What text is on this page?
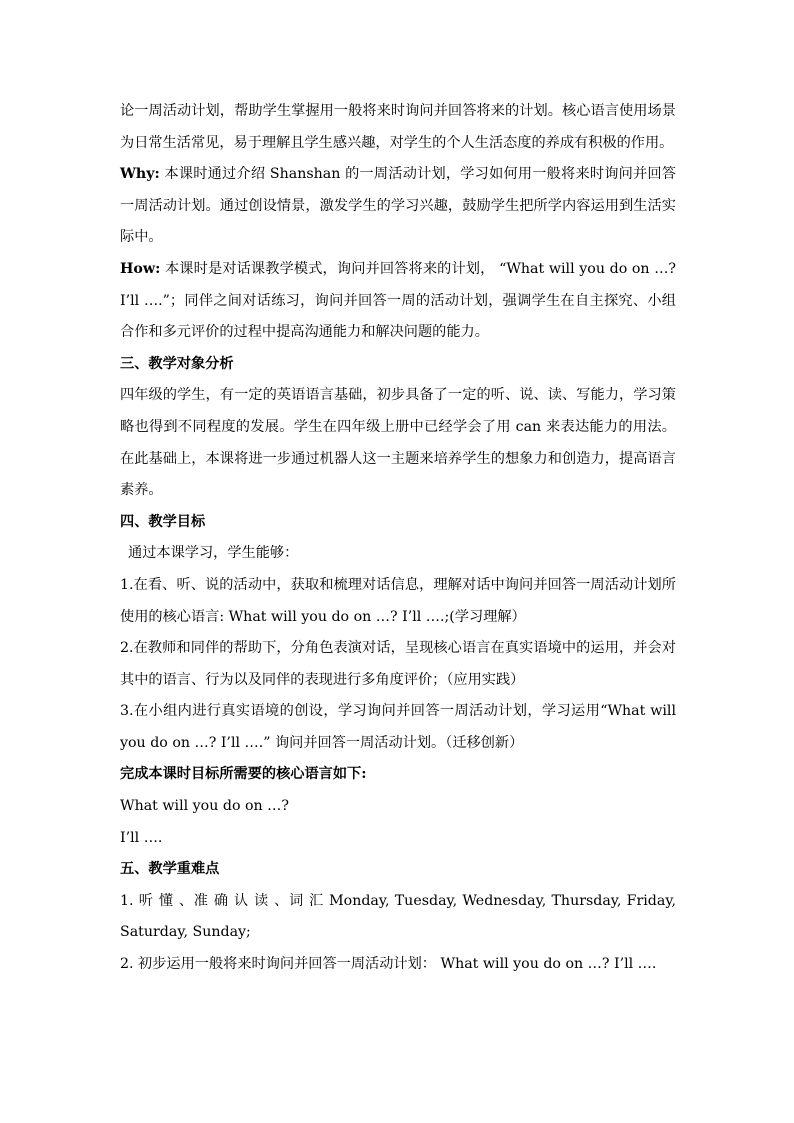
论一周活动计划，帮助学生掌握用一般将来时询问并回答将来的计划。核心语言使用场景为日常生活常见，易于理解且学生感兴趣，对学生的个人生活态度的养成有积极的作用。

Why: 本课时通过介绍 Shanshan 的一周活动计划，学习如何用一般将来时询问并回答一周活动计划。通过创设情景，激发学生的学习兴趣，鼓励学生把所学内容运用到生活实际中。

How: 本课时是对话课教学模式，询问并回答将来的计划， “What will you do on …? I’ll ….”；同伴之间对话练习，询问并回答一周的活动计划，强调学生在自主探究、小组合作和多元评价的过程中提高沟通能力和解决问题的能力。

三、教学对象分析

四年级的学生，有一定的英语语言基础，初步具备了一定的听、说、读、写能力，学习策略也得到不同程度的发展。学生在四年级上册中已经学会了用 can 来表达能力的用法。在此基础上，本课将进一步通过机器人这一主题来培养学生的想象力和创造力，提高语言素养。

四、教学目标

通过本课学习，学生能够：

1.在看、听、说的活动中，获取和梳理对话信息，理解对话中询问并回答一周活动计划所使用的核心语言: What will you do on …? I’ll ….;(学习理解）

2.在教师和同伴的帮助下，分角色表演对话，呈现核心语言在真实语境中的运用，并会对其中的语言、行为以及同伴的表现进行多角度评价；（应用实践）

3.在小组内进行真实语境的创设，学习询问并回答一周活动计划，学习运用“What will you do on …? I’ll ….” 询问并回答一周活动计划。（迁移创新）

完成本课时目标所需要的核心语言如下:

What will you do on …?

I’ll ….

五、教学重难点

1. 听 懂 、准 确 认 读 、词 汇 Monday, Tuesday, Wednesday, Thursday, Friday, Saturday, Sunday;

2. 初步运用一般将来时询问并回答一周活动计划： What will you do on …? I’ll ….
